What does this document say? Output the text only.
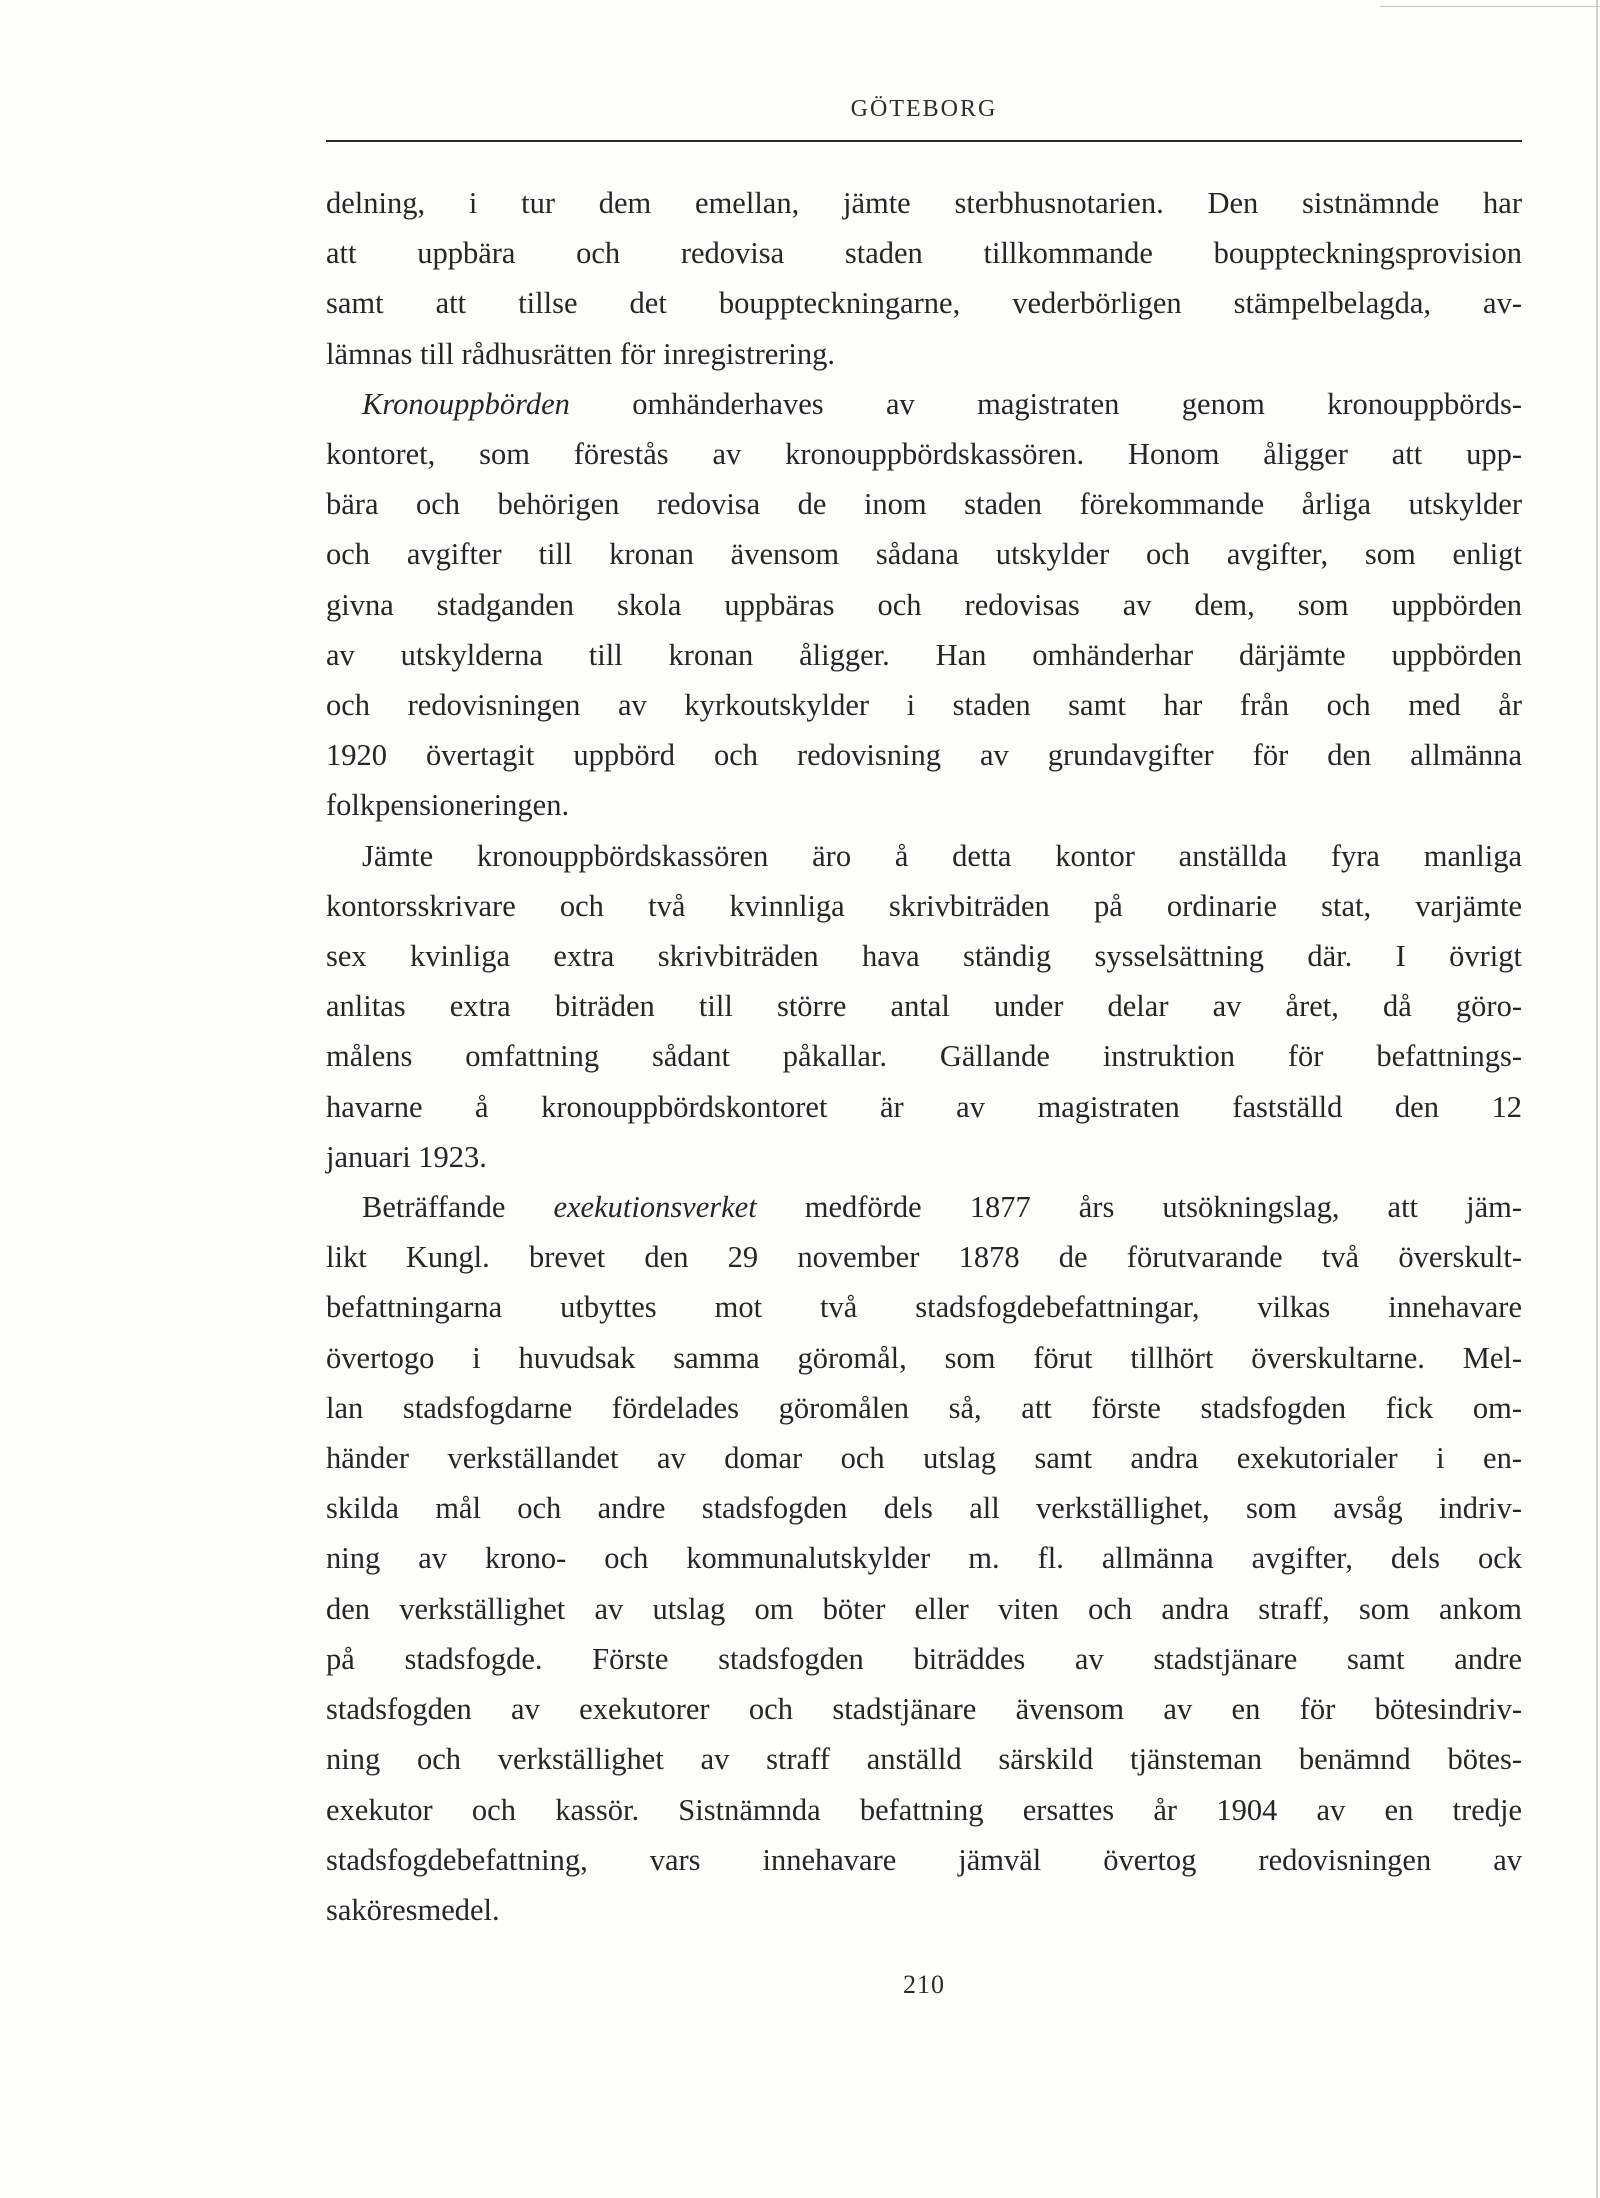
GÖTEBORG
delning, i tur dem emellan, jämte sterbhusnotarien. Den sistnämnde har
att uppbära och redovisa staden tillkommande bouppteckningsprovision
samt att tillse det bouppteckningarne, vederbörligen stämpelbelagda, av-
lämnas till rådhusrätten för inregistrering.
Kronouppbörden omhänderhaves av magistraten genom kronouppbörds-
kontoret, som förestås av kronouppbördskassören. Honom åligger att upp-
bära och behörigen redovisa de inom staden förekommande årliga utskylder
och avgifter till kronan ävensom sådana utskylder och avgifter, som enligt
givna stadganden skola uppbäras och redovisas av dem, som uppbörden
av utskylderna till kronan åligger. Han omhänderhar därjämte uppbörden
och redovisningen av kyrkoutskylder i staden samt har från och med år
1920 övertagit uppbörd och redovisning av grundavgifter för den allmänna
folkpensioneringen.
Jämte kronouppbördskassören äro å detta kontor anställda fyra manliga
kontorsskrivare och två kvinnliga skrivbiträden på ordinarie stat, varjämte
sex kvinliga extra skrivbiträden hava ständig sysselsättning där. I övrigt
anlitas extra biträden till större antal under delar av året, då göro-
målens omfattning sådant påkallar. Gällande instruktion för befattnings-
havarne å kronouppbördskontoret är av magistraten fastställd den 12
januari 1923.
Beträffande exekutionsverket medförde 1877 års utsökningslag, att jäm-
likt Kungl. brevet den 29 november 1878 de förutvarande två överskult-
befattningarna utbyttes mot två stadsfogdebefattningar, vilkas innehavare
övertogo i huvudsak samma göromål, som förut tillhört överskultarne. Mel-
lan stadsfogdarne fördelades göromålen så, att förste stadsfogden fick om-
händer verkställandet av domar och utslag samt andra exekutorialer i en-
skilda mål och andre stadsfogden dels all verkställighet, som avsåg indriv-
ning av krono- och kommunalutskylder m. fl. allmänna avgifter, dels ock
den verkställighet av utslag om böter eller viten och andra straff, som ankom
på stadsfogde. Förste stadsfogden biträddes av stadstjänare samt andre
stadsfogden av exekutorer och stadstjänare ävensom av en för bötesindriv-
ning och verkställighet av straff anställd särskild tjänsteman benämnd bötes-
exekutor och kassör. Sistnämnda befattning ersattes år 1904 av en tredje
stadsfogdebefattning, vars innehavare jämväl övertog redovisningen av
saköresmedel.
210
